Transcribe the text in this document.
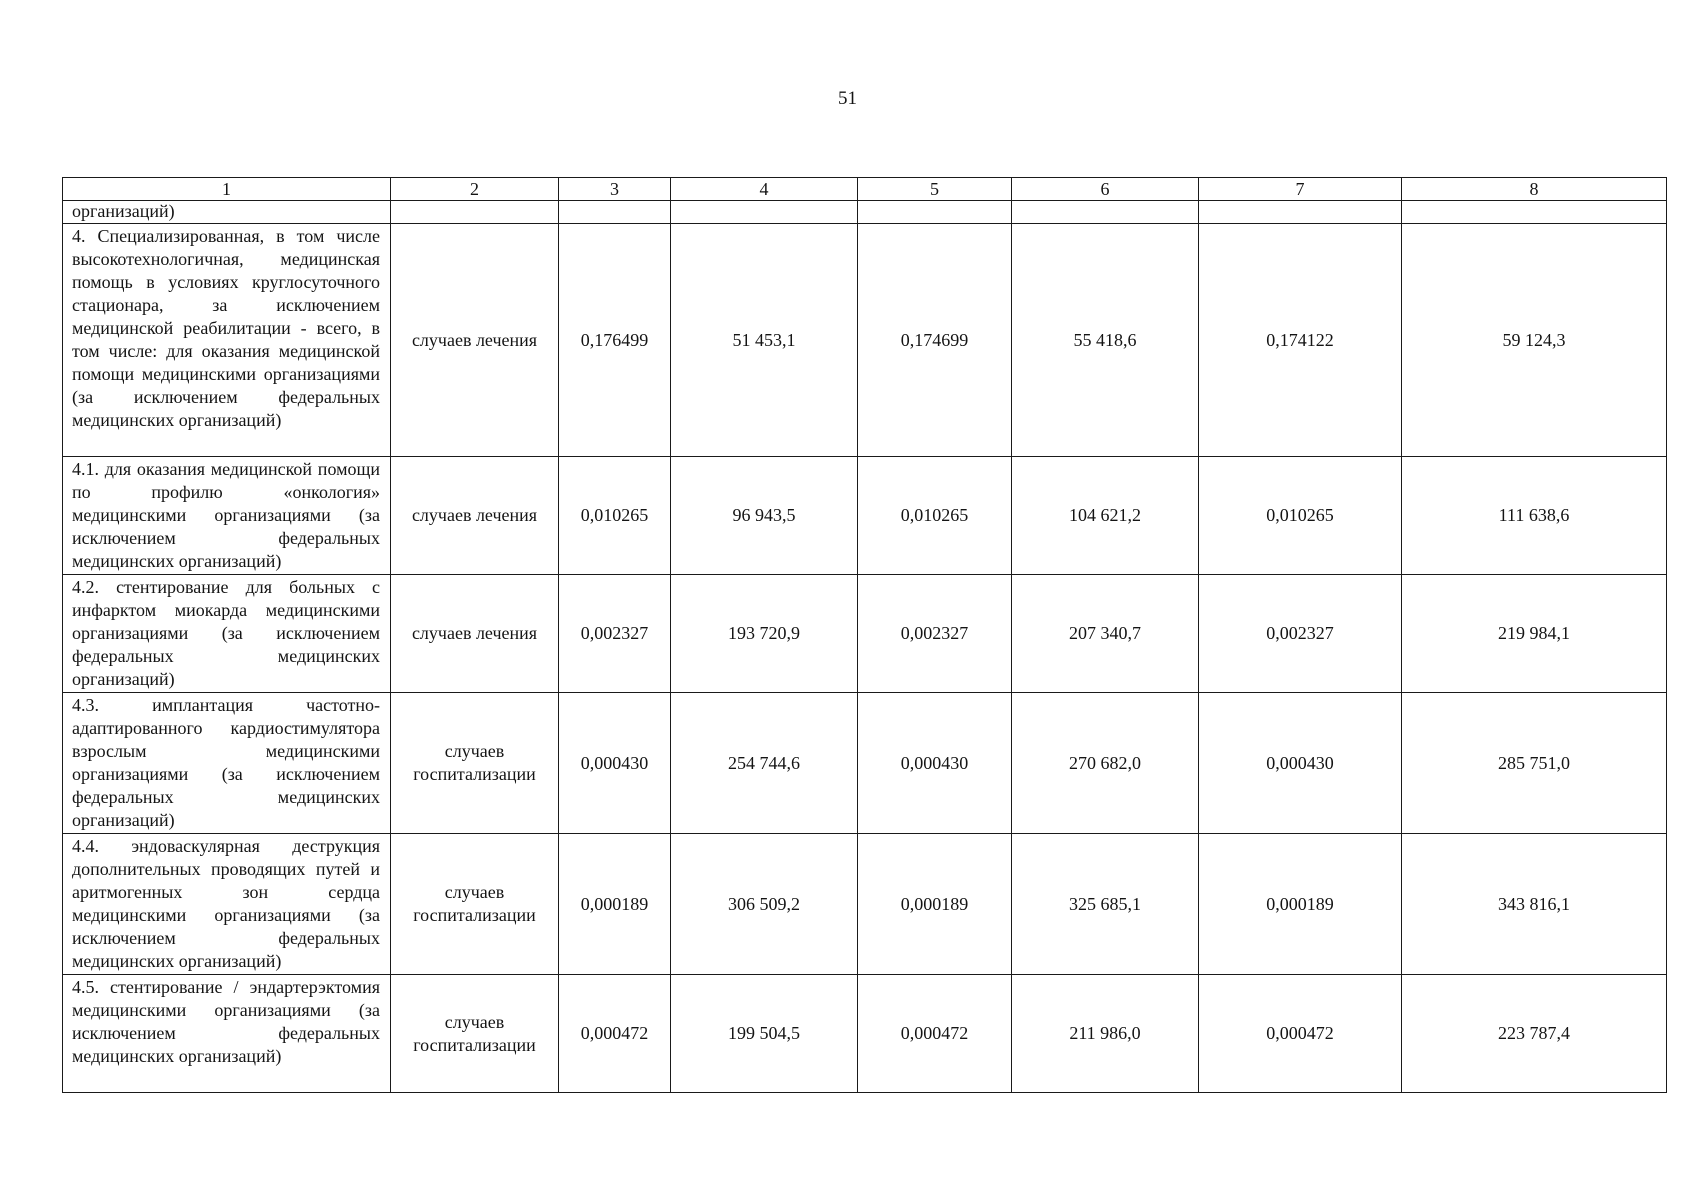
51
1	2	3	4	5	6	7	8
организаций)							
4. Специализированная, в том числе высокотехнологичная, медицинская помощь в условиях круглосуточного стационара, за исключением медицинской реабилитации - всего, в том числе: для оказания медицинской помощи медицинскими организациями (за исключением федеральных медицинских организаций)	случаев лечения	0,176499	51 453,1	0,174699	55 418,6	0,174122	59 124,3
4.1. для оказания медицинской помощи по профилю «онкология» медицинскими организациями (за исключением федеральных медицинских организаций)	случаев лечения	0,010265	96 943,5	0,010265	104 621,2	0,010265	111 638,6
4.2. стентирование для больных с инфарктом миокарда медицинскими организациями (за исключением федеральных медицинских организаций)	случаев лечения	0,002327	193 720,9	0,002327	207 340,7	0,002327	219 984,1
4.3. имплантация частотно-адаптированного кардиостимулятора взрослым медицинскими организациями (за исключением федеральных медицинских организаций)	случаев госпитализации	0,000430	254 744,6	0,000430	270 682,0	0,000430	285 751,0
4.4. эндоваскулярная деструкция дополнительных проводящих путей и аритмогенных зон сердца медицинскими организациями (за исключением федеральных медицинских организаций)	случаев госпитализации	0,000189	306 509,2	0,000189	325 685,1	0,000189	343 816,1
4.5. стентирование / эндартерэктомия медицинскими организациями (за исключением федеральных медицинских организаций)	случаев госпитализации	0,000472	199 504,5	0,000472	211 986,0	0,000472	223 787,4
